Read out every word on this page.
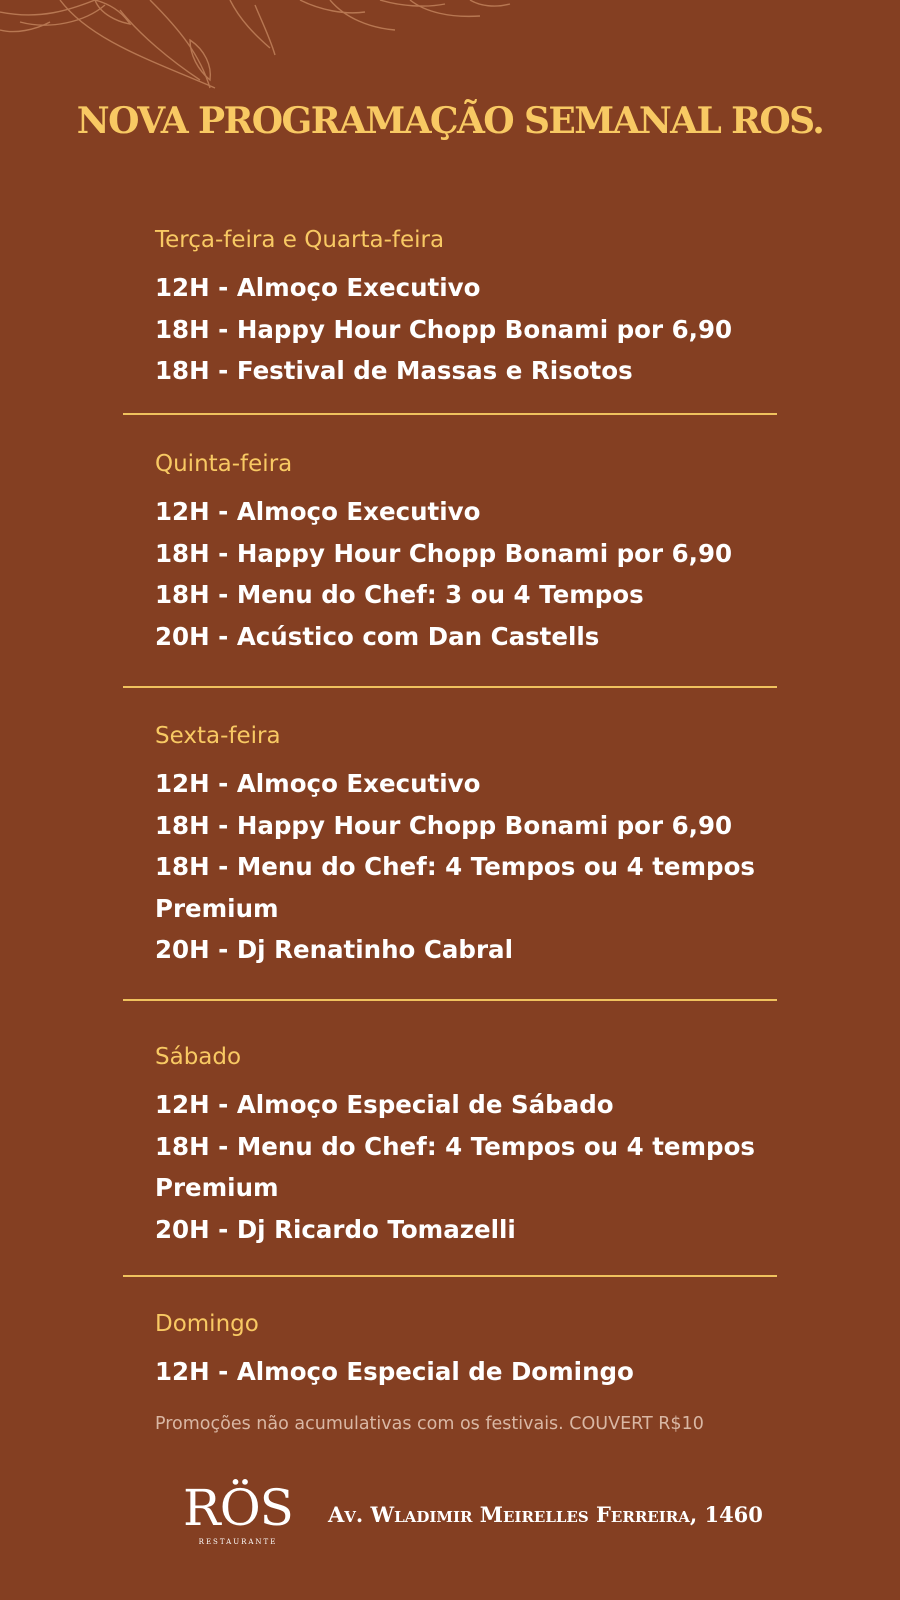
NOVA PROGRAMAÇÃO SEMANAL ROS.
Terça-feira e Quarta-feira
12H - Almoço Executivo
18H - Happy Hour Chopp Bonami por 6,90
18H - Festival de Massas e Risotos
Quinta-feira
12H - Almoço Executivo
18H - Happy Hour Chopp Bonami por 6,90
18H - Menu do Chef: 3 ou 4 Tempos
20H - Acústico com Dan Castells
Sexta-feira
12H - Almoço Executivo
18H - Happy Hour Chopp Bonami por 6,90
18H - Menu do Chef: 4 Tempos ou 4 tempos Premium
20H - Dj Renatinho Cabral
Sábado
12H - Almoço Especial de Sábado
18H - Menu do Chef: 4 Tempos ou 4 tempos Premium
20H - Dj Ricardo Tomazelli
Domingo
12H - Almoço Especial de Domingo
Promoções não acumulativas com os festivais. COUVERT R$10
RÖS
RESTAURANTE
Av. Wladimir Meirelles Ferreira, 1460
